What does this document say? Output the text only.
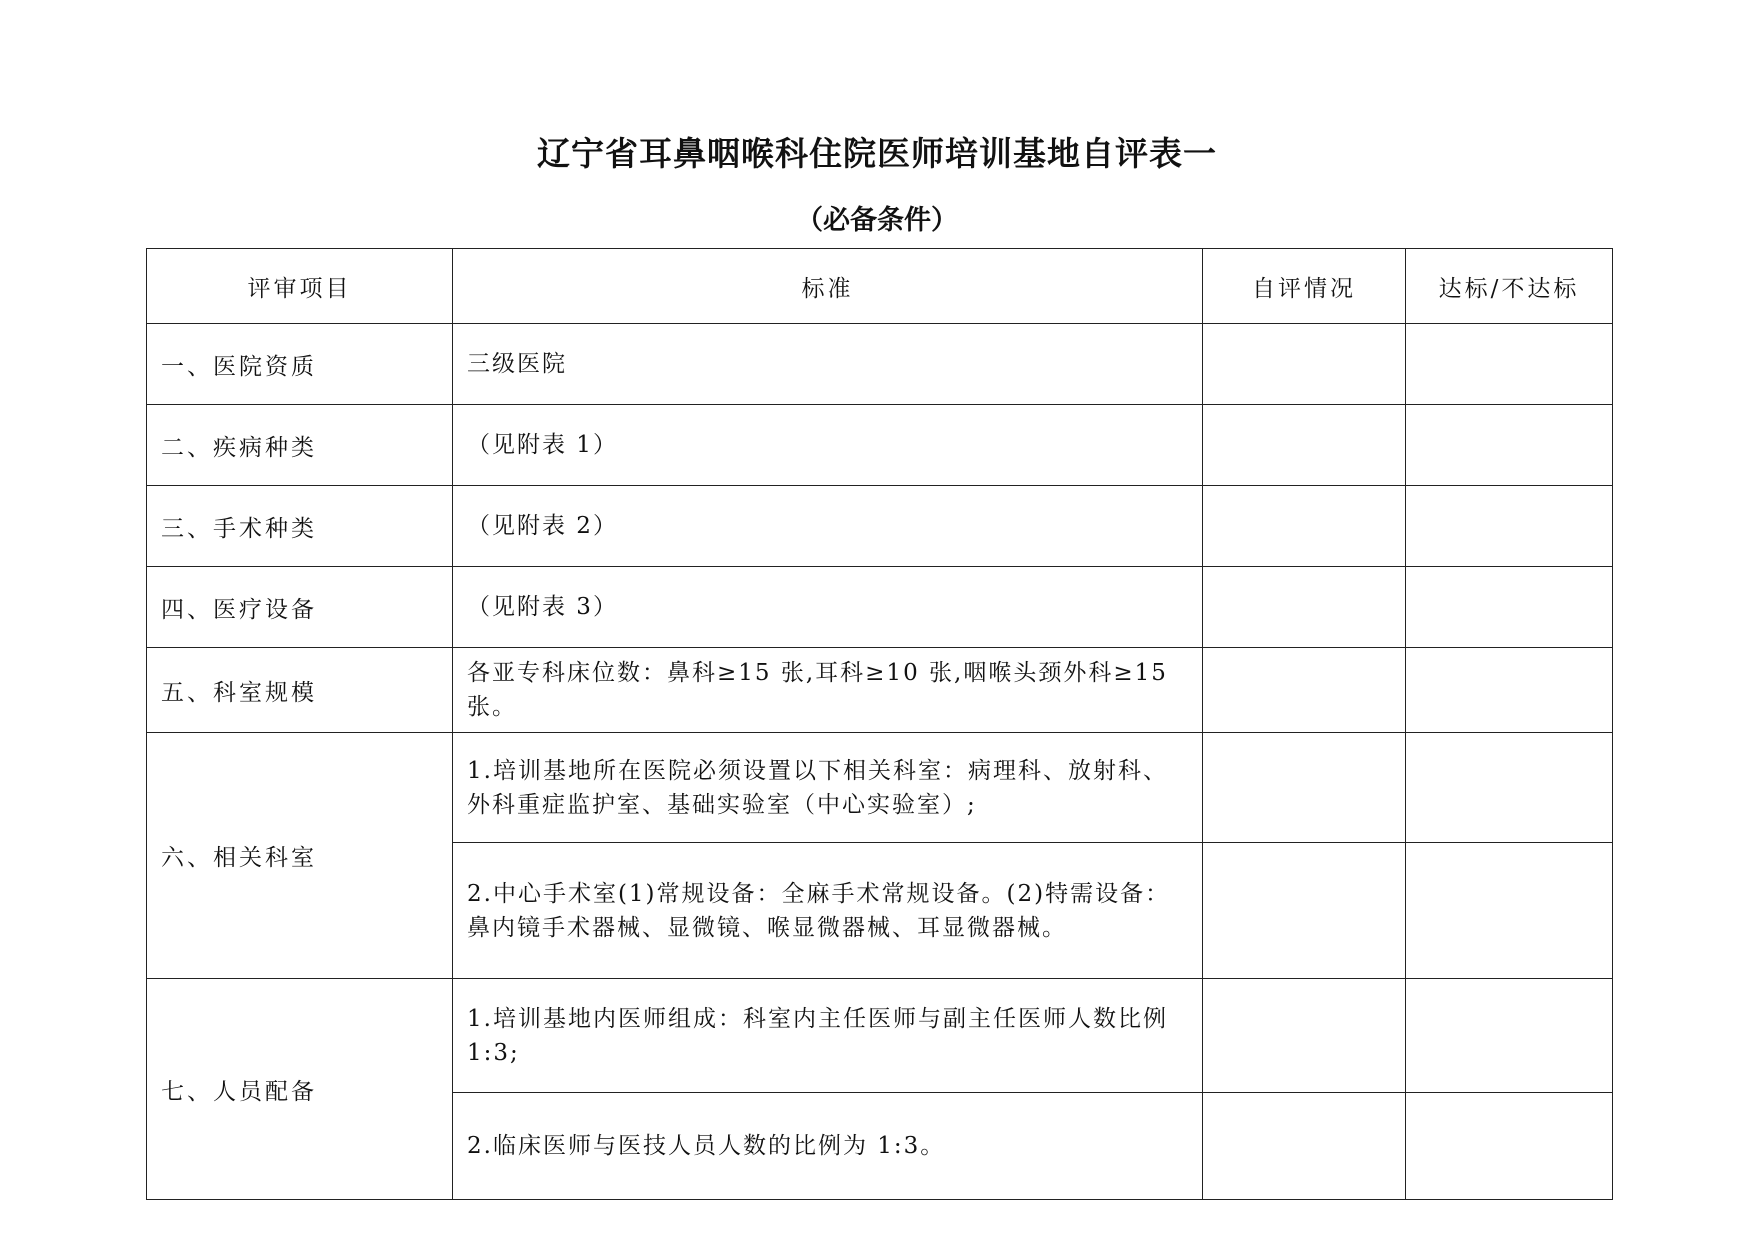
辽宁省耳鼻咽喉科住院医师培训基地自评表一
（必备条件）
评审项目	标准	自评情况	达标/不达标
一、医院资质	三级医院		
二、疾病种类	（见附表 1）		
三、手术种类	（见附表 2）		
四、医疗设备	（见附表 3）		
五、科室规模	各亚专科床位数：鼻科≥15 张,耳科≥10 张,咽喉头颈外科≥15 张。		
六、相关科室	1.培训基地所在医院必须设置以下相关科室：病理科、放射科、外科重症监护室、基础实验室（中心实验室）;		
	2.中心手术室(1)常规设备：全麻手术常规设备。(2)特需设备：鼻内镜手术器械、显微镜、喉显微器械、耳显微器械。		
七、人员配备	1.培训基地内医师组成：科室内主任医师与副主任医师人数比例 1:3;		
	2.临床医师与医技人员人数的比例为 1:3。		
